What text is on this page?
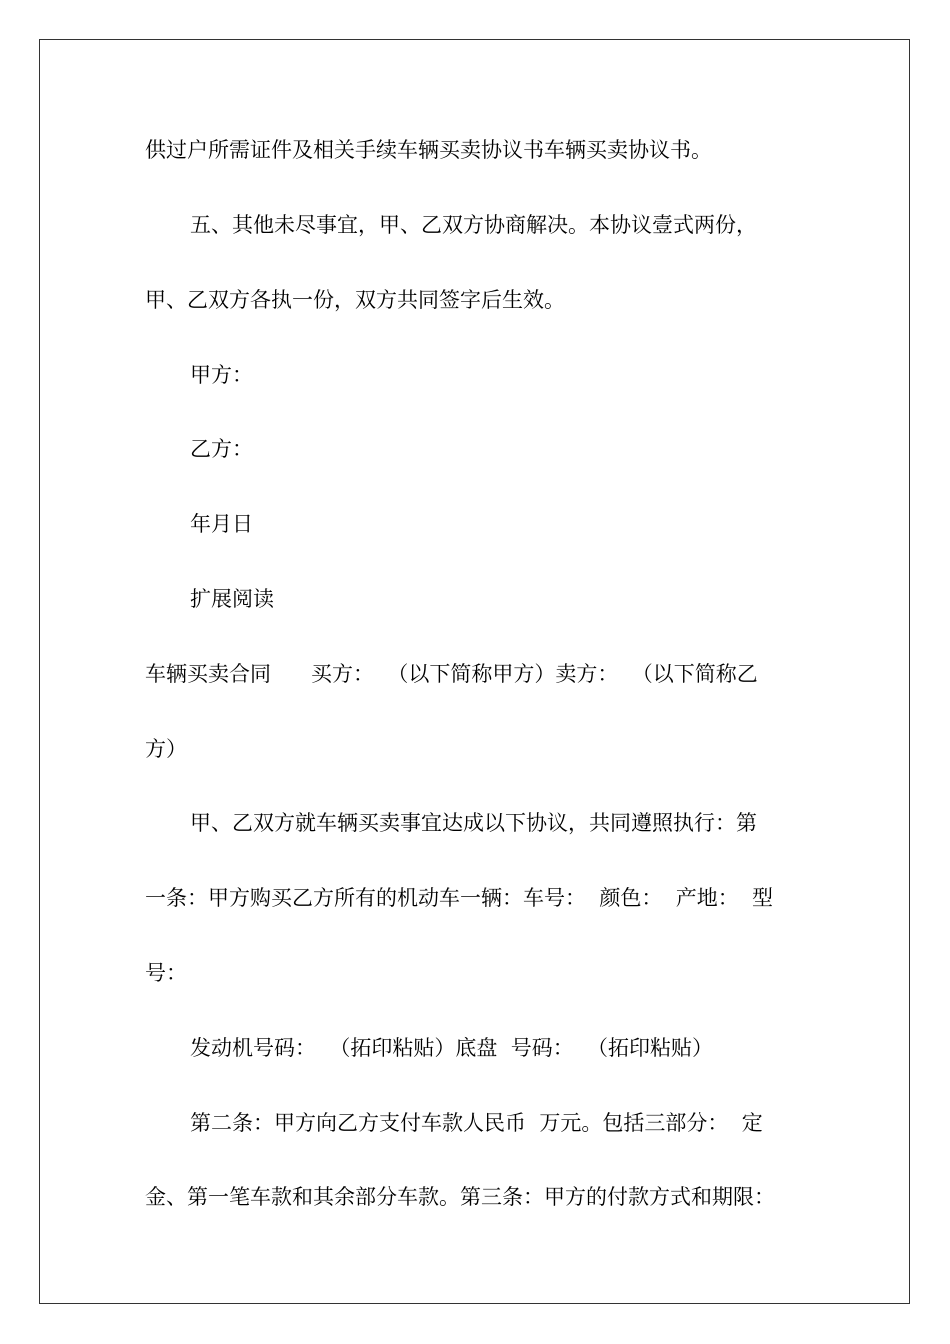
供过户所需证件及相关手续车辆买卖协议书车辆买卖协议书。
五、其他未尽事宜，甲、乙双方协商解决。本协议壹式两份，
甲、乙双方各执一份，双方共同签字后生效。
甲方：
乙方：
年月日
扩展阅读
车辆买卖合同      买方：  （以下简称甲方）卖方：  （以下简称乙
方）
甲、乙双方就车辆买卖事宜达成以下协议，共同遵照执行：第
一条：甲方购买乙方所有的机动车一辆：车号：  颜色：  产地：  型
号：
发动机号码：  （拓印粘贴）底盘  号码：  （拓印粘贴）
第二条：甲方向乙方支付车款人民币  万元。包括三部分：  定
金、第一笔车款和其余部分车款。第三条：甲方的付款方式和期限：
